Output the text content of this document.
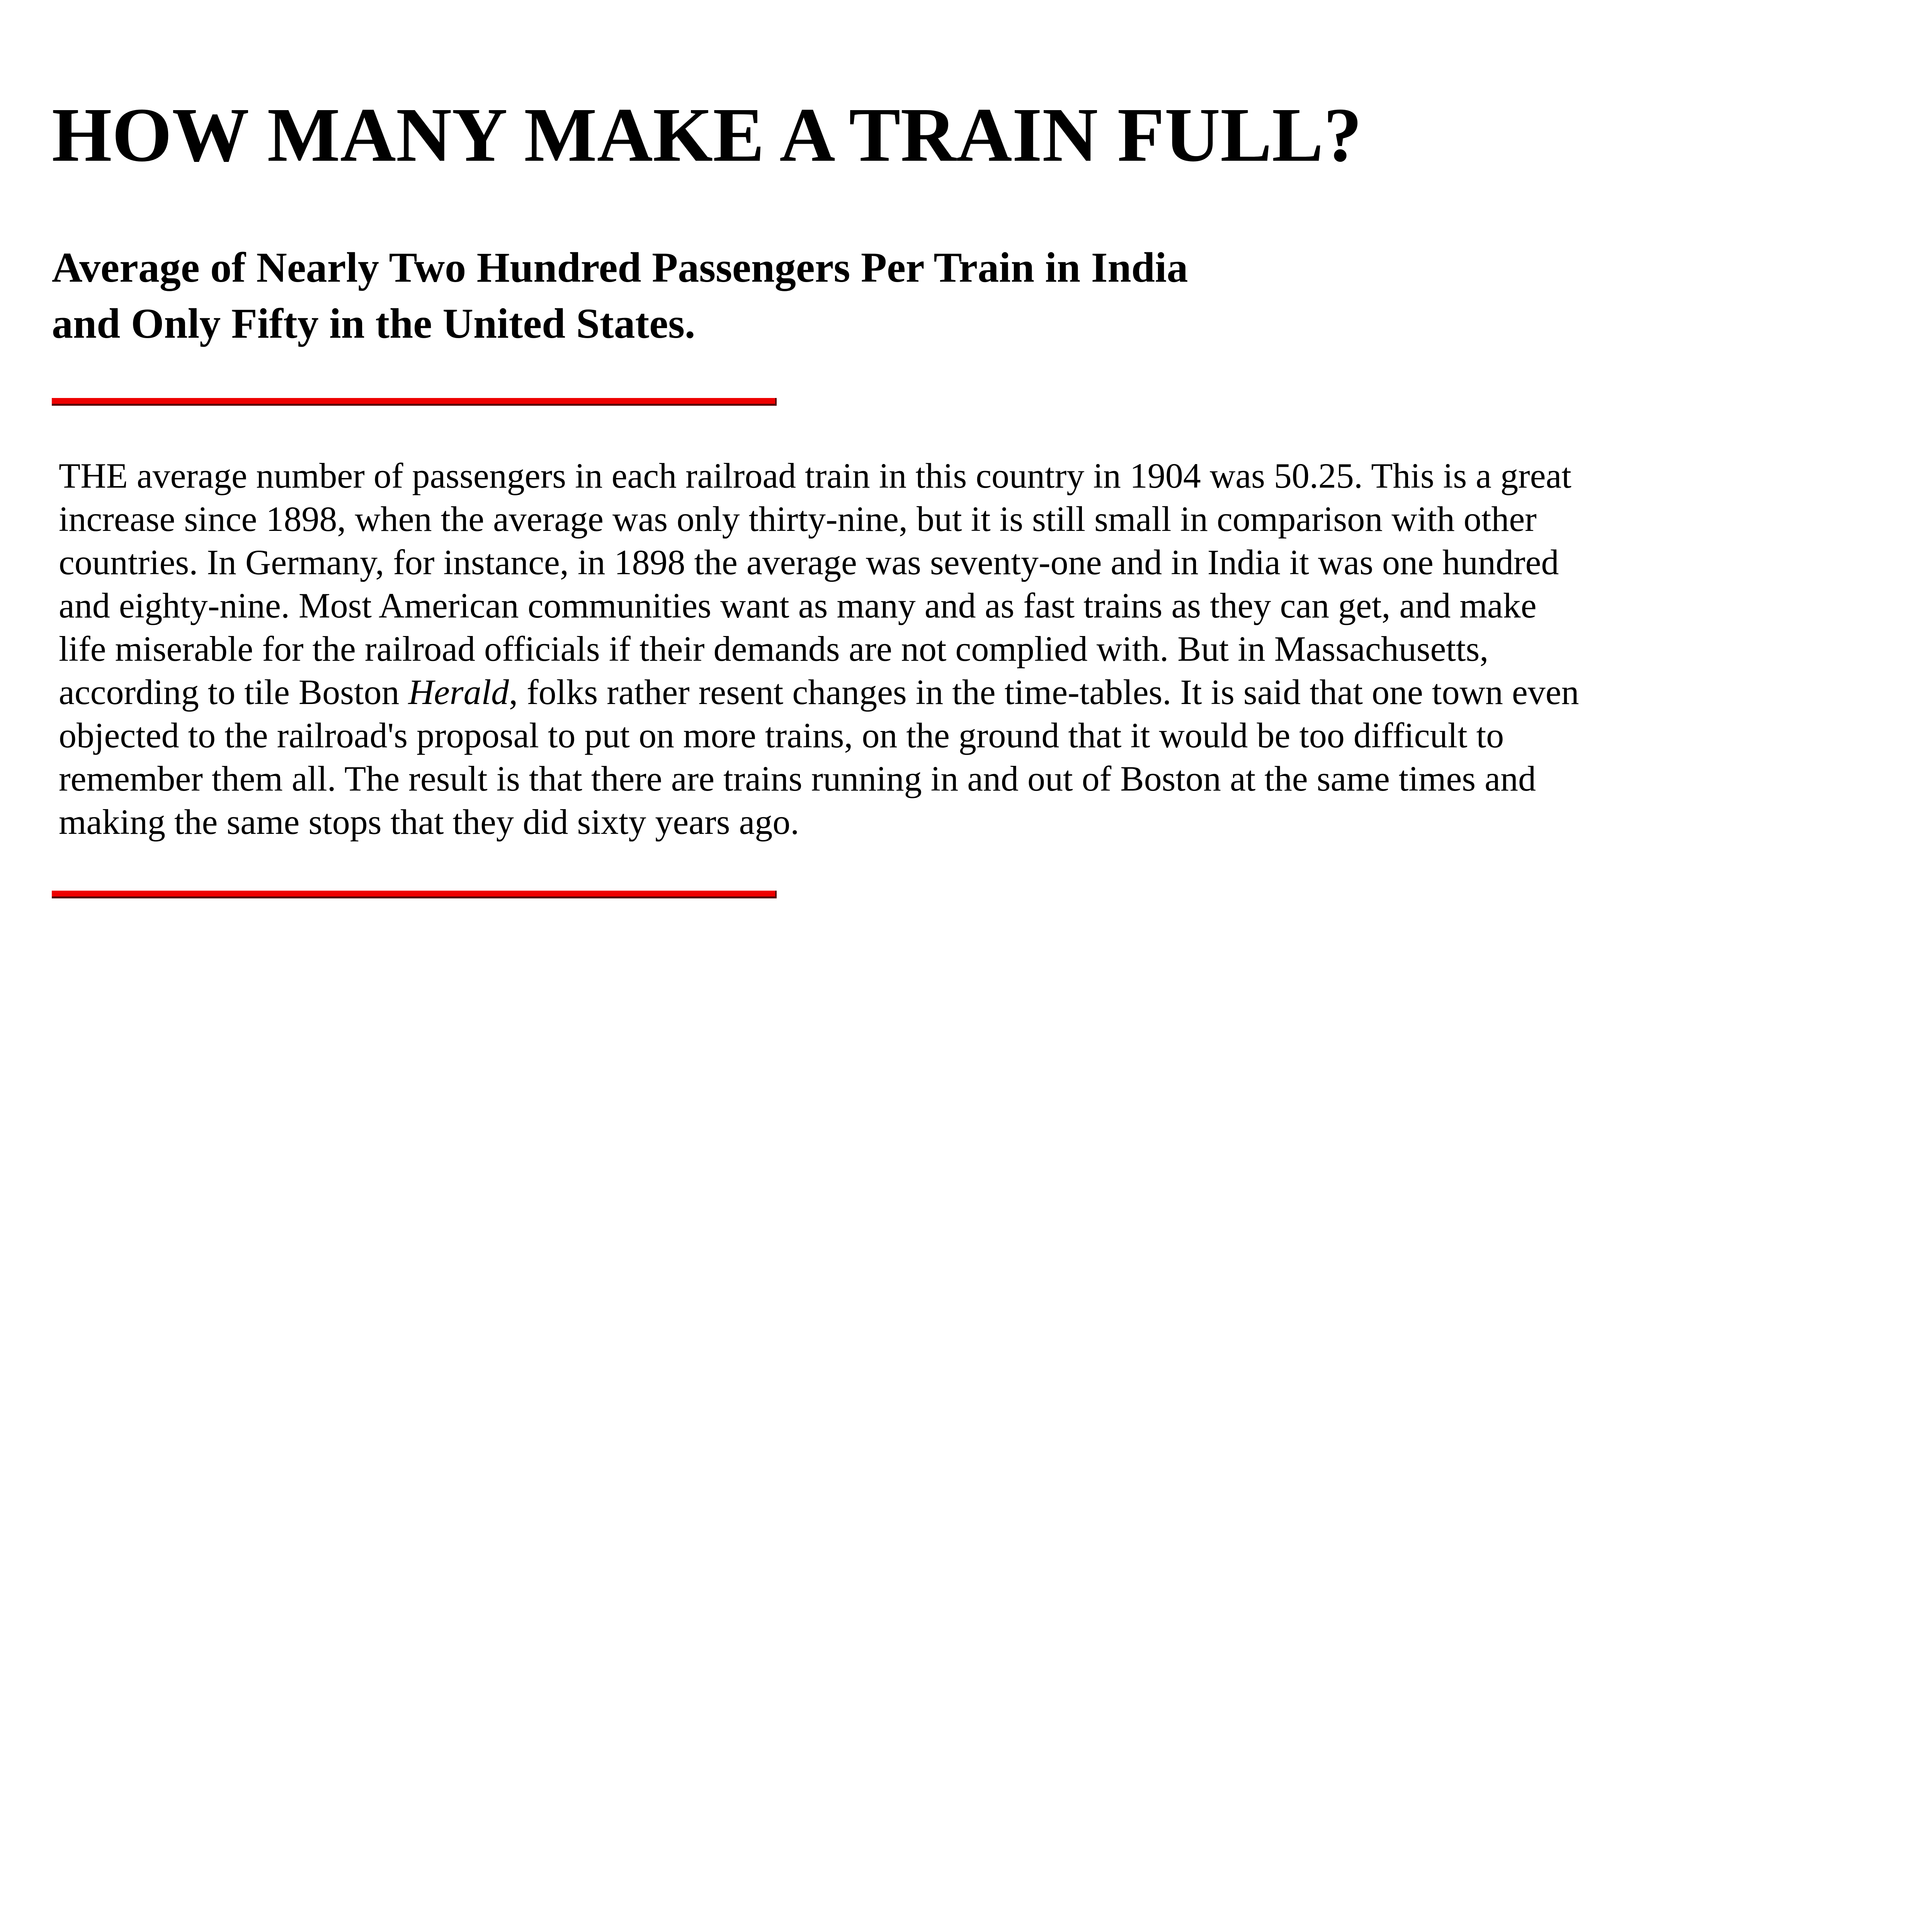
HOW MANY MAKE A TRAIN FULL?
Average of Nearly Two Hundred Passengers Per Train in India
and Only Fifty in the United States.

THE average number of passengers in each railroad train in this country in 1904 was 50.25. This is a great
increase since 1898, when the average was only thirty-nine, but it is still small in comparison with other
countries. In Germany, for instance, in 1898 the average was seventy-one and in India it was one hundred
and eighty-nine. Most American communities want as many and as fast trains as they can get, and make
life miserable for the railroad officials if their demands are not complied with. But in Massachusetts,
according to tile Boston Herald, folks rather resent changes in the time-tables. It is said that one town even
objected to the railroad's proposal to put on more trains, on the ground that it would be too difficult to
remember them all. The result is that there are trains running in and out of Boston at the same times and
making the same stops that they did sixty years ago.
